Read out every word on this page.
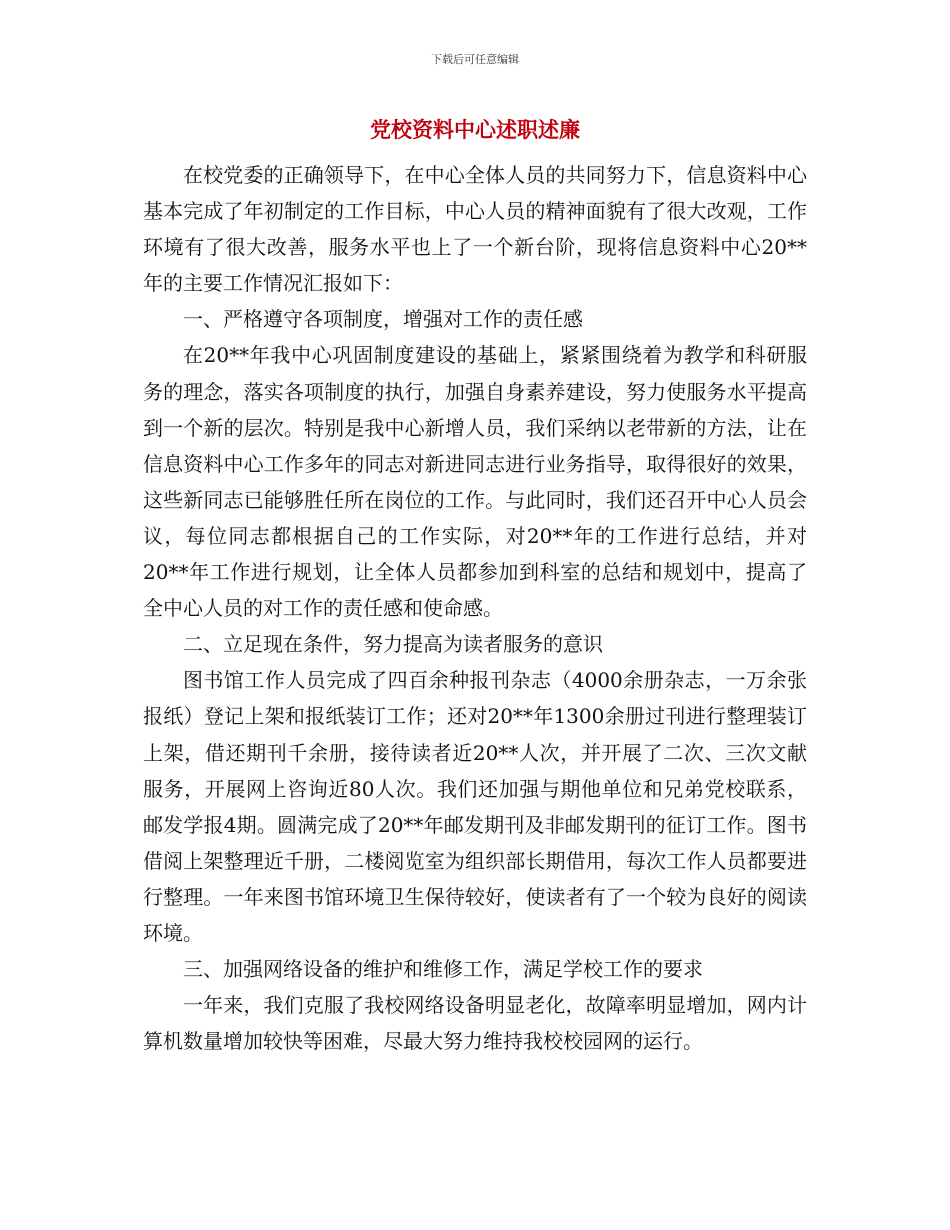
下载后可任意编辑
党校资料中心述职述廉

在校党委的正确领导下，在中心全体人员的共同努力下，信息资料中心基本完成了年初制定的工作目标，中心人员的精神面貌有了很大改观，工作环境有了很大改善，服务水平也上了一个新台阶，现将信息资料中心20**年的主要工作情况汇报如下：

一、严格遵守各项制度，增强对工作的责任感

在20**年我中心巩固制度建设的基础上，紧紧围绕着为教学和科研服务的理念，落实各项制度的执行，加强自身素养建设，努力使服务水平提高到一个新的层次。特别是我中心新增人员，我们采纳以老带新的方法，让在信息资料中心工作多年的同志对新进同志进行业务指导，取得很好的效果，这些新同志已能够胜任所在岗位的工作。与此同时，我们还召开中心人员会议，每位同志都根据自己的工作实际，对20**年的工作进行总结，并对20**年工作进行规划，让全体人员都参加到科室的总结和规划中，提高了全中心人员的对工作的责任感和使命感。

二、立足现在条件，努力提高为读者服务的意识

图书馆工作人员完成了四百余种报刊杂志（4000余册杂志，一万余张报纸）登记上架和报纸装订工作；还对20**年1300余册过刊进行整理装订上架，借还期刊千余册，接待读者近20**人次，并开展了二次、三次文献服务，开展网上咨询近80人次。我们还加强与期他单位和兄弟党校联系，邮发学报4期。圆满完成了20**年邮发期刊及非邮发期刊的征订工作。图书借阅上架整理近千册，二楼阅览室为组织部长期借用，每次工作人员都要进行整理。一年来图书馆环境卫生保待较好，使读者有了一个较为良好的阅读环境。

三、加强网络设备的维护和维修工作，满足学校工作的要求

一年来，我们克服了我校网络设备明显老化，故障率明显增加，网内计算机数量增加较快等困难，尽最大努力维持我校校园网的运行。
